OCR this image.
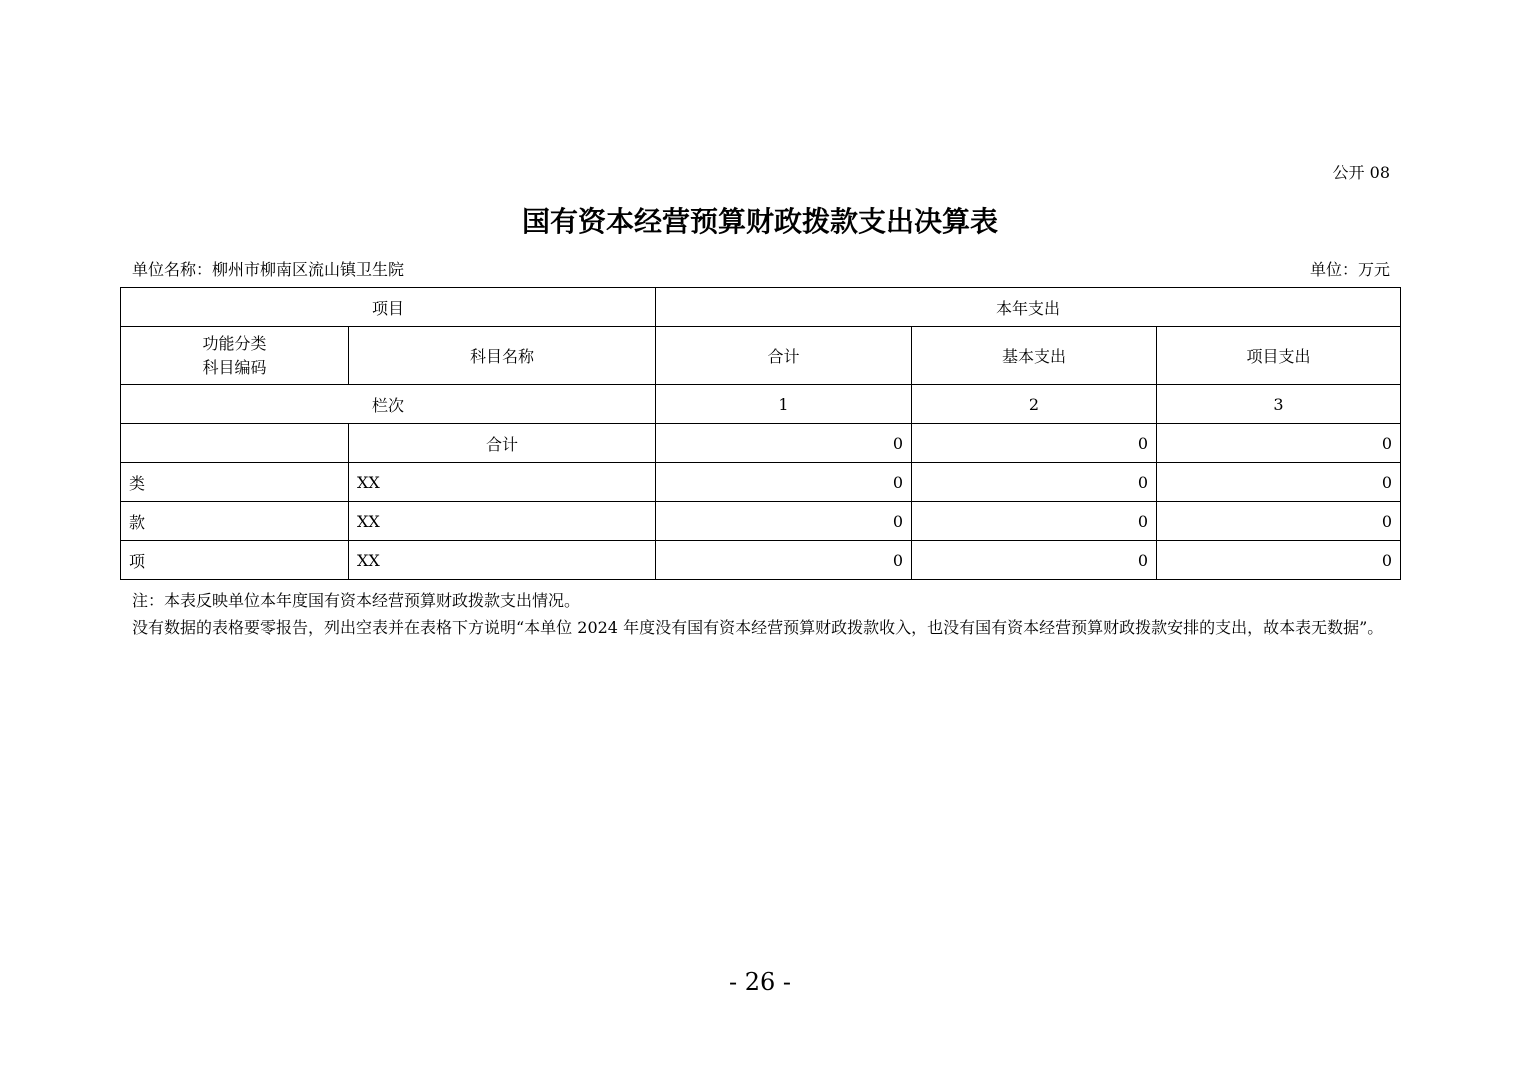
公开 08
国有资本经营预算财政拨款支出决算表
单位名称：柳州市柳南区流山镇卫生院	单位：万元
项目		本年支出		
功能分类
科目编码	科目名称	合计	基本支出	项目支出
栏次		1	2	3
	合计	0	0	0
类	XX	0	0	0
款	XX	0	0	0
项	XX	0	0	0

注：本表反映单位本年度国有资本经营预算财政拨款支出情况。

没有数据的表格要零报告，列出空表并在表格下方说明“本单位 2024 年度没有国有资本经营预算财政拨款收入，也没有国有资本经营预算财政拨款安排的支出，故本表无数据”。

- 26 -
